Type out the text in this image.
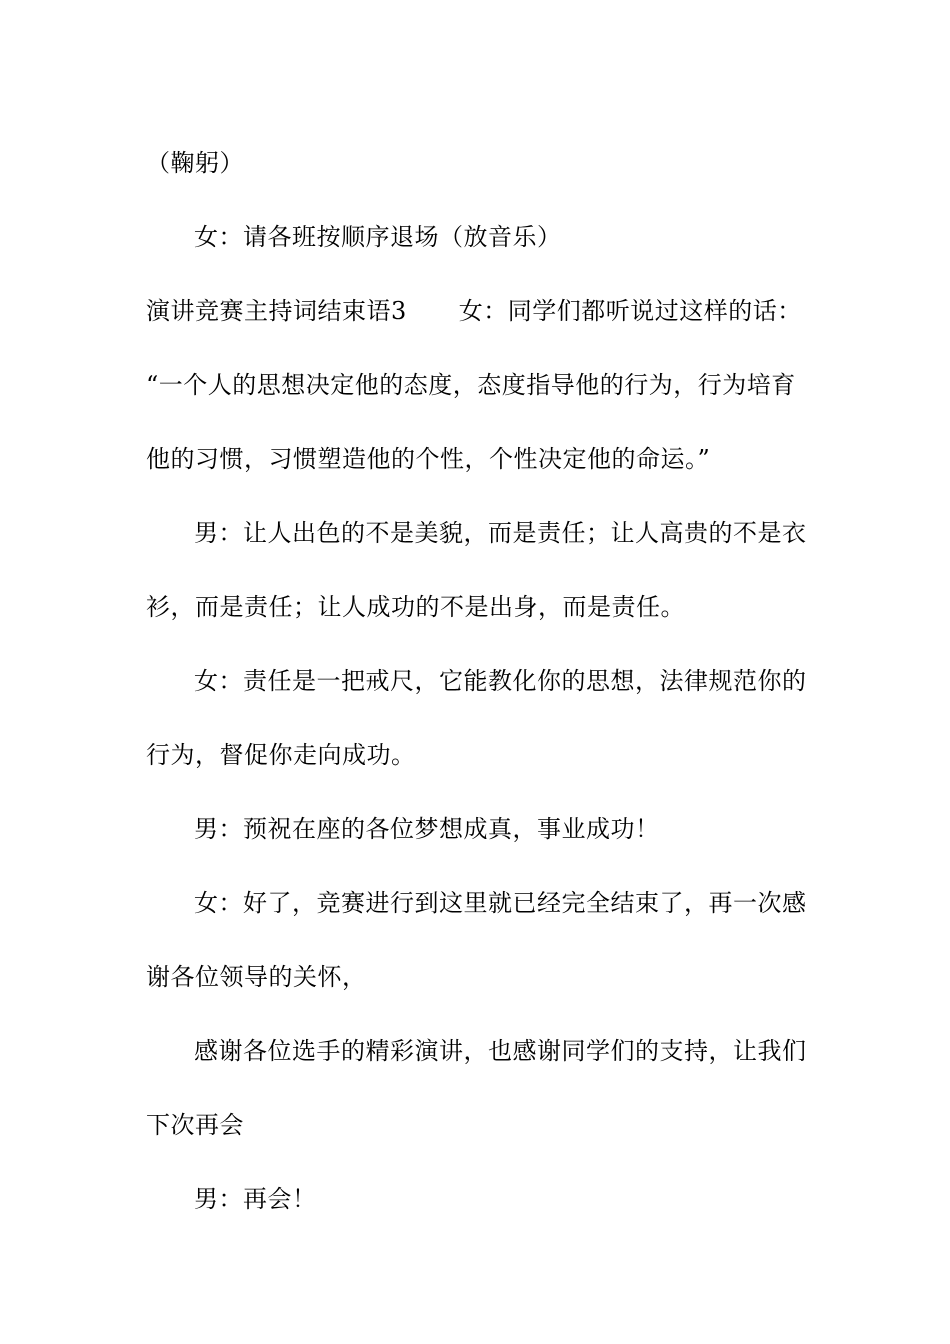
（鞠躬）
女：请各班按顺序退场（放音乐）
演讲竞赛主持词结束语3 女：同学们都听说过这样的话：
“一个人的思想决定他的态度，态度指导他的行为，行为培育
他的习惯，习惯塑造他的个性，个性决定他的命运。”
男：让人出色的不是美貌，而是责任；让人高贵的不是衣
衫，而是责任；让人成功的不是出身，而是责任。
女：责任是一把戒尺，它能教化你的思想，法律规范你的
行为，督促你走向成功。
男：预祝在座的各位梦想成真，事业成功！
女：好了，竞赛进行到这里就已经完全结束了，再一次感
谢各位领导的关怀，
感谢各位选手的精彩演讲，也感谢同学们的支持，让我们
下次再会
男：再会！
